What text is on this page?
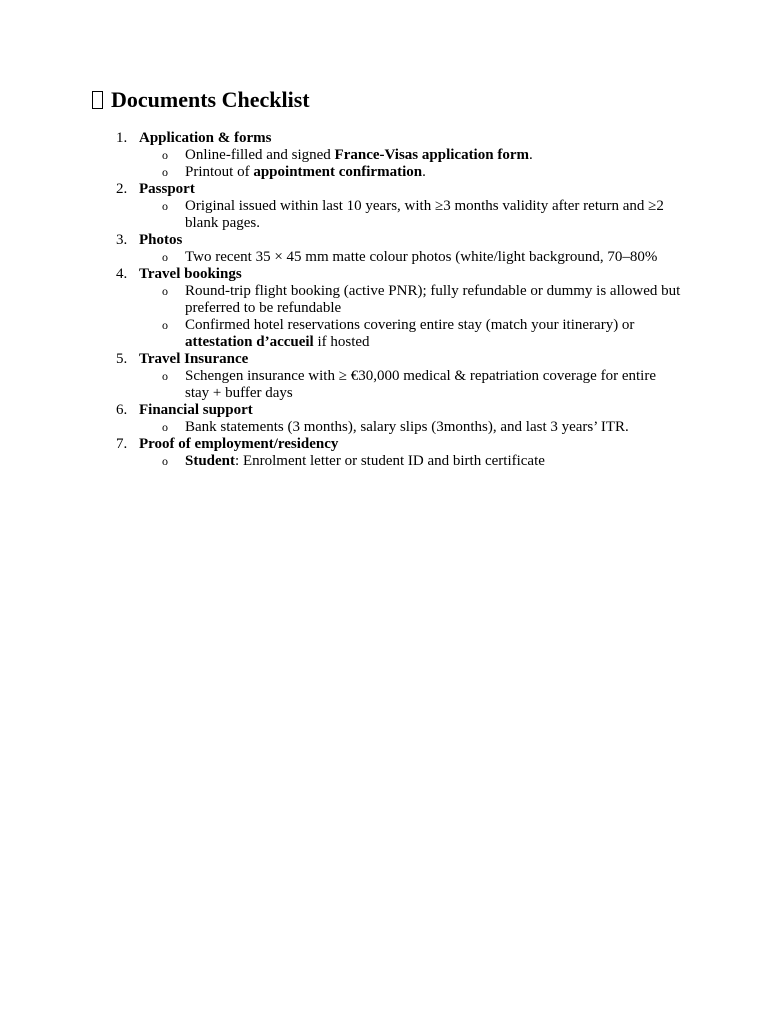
Documents Checklist
1. Application & forms
o Online-filled and signed France-Visas application form.
o Printout of appointment confirmation.
2. Passport
o Original issued within last 10 years, with ≥3 months validity after return and ≥2 blank pages.
3. Photos
o Two recent 35 × 45 mm matte colour photos (white/light background, 70–80%
4. Travel bookings
o Round-trip flight booking (active PNR); fully refundable or dummy is allowed but preferred to be refundable
o Confirmed hotel reservations covering entire stay (match your itinerary) or attestation d’accueil if hosted
5. Travel Insurance
o Schengen insurance with ≥ €30,000 medical & repatriation coverage for entire stay + buffer days
6. Financial support
o Bank statements (3 months), salary slips (3months), and last 3 years’ ITR.
7. Proof of employment/residency
o Student: Enrolment letter or student ID and birth certificate
